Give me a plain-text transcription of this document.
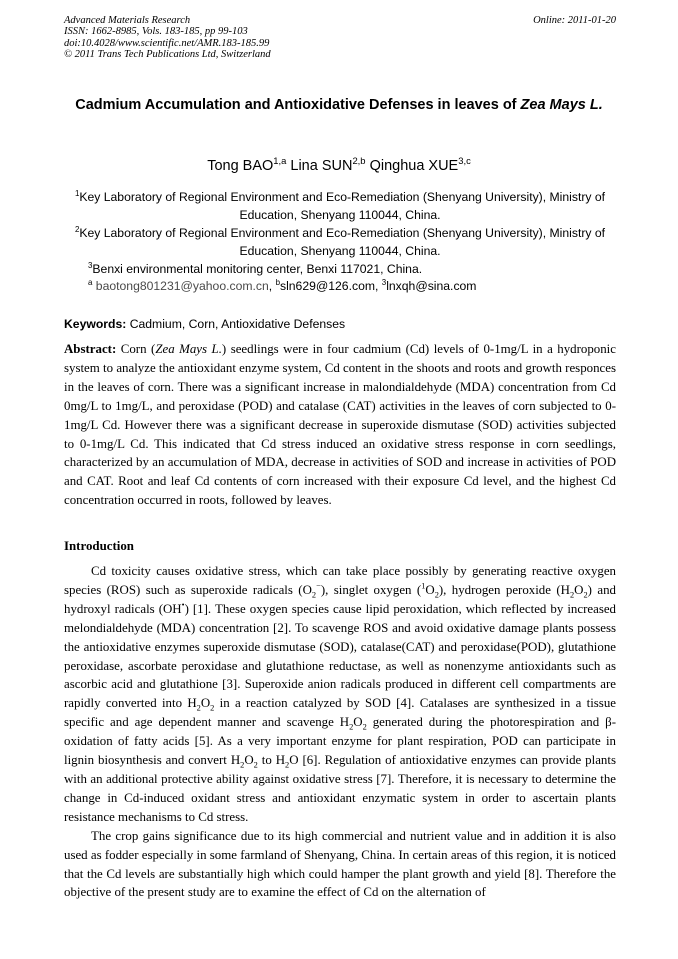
Advanced Materials Research
ISSN: 1662-8985, Vols. 183-185, pp 99-103
doi:10.4028/www.scientific.net/AMR.183-185.99
© 2011 Trans Tech Publications Ltd, Switzerland
Online: 2011-01-20
Cadmium Accumulation and Antioxidative Defenses in leaves of Zea Mays L.
Tong BAO$^{1,a}$ Lina SUN$^{2,b}$ Qinghua XUE$^{3,c}$
$^1$Key Laboratory of Regional Environment and Eco-Remediation (Shenyang University), Ministry of
Education, Shenyang 110044, China.
$^2$Key Laboratory of Regional Environment and Eco-Remediation (Shenyang University), Ministry of
Education, Shenyang 110044, China.
$^3$Benxi environmental monitoring center, Benxi 117021, China.
$^a$ baotong801231@yahoo.com.cn, $^b$sln629@126.com, $^3$lnxqh@sina.com
Keywords: Cadmium, Corn, Antioxidative Defenses
Abstract: Corn (Zea Mays L.) seedlings were in four cadmium (Cd) levels of 0-1mg/L in a hydroponic system to analyze the antioxidant enzyme system, Cd content in the shoots and roots and growth responces in the leaves of corn. There was a significant increase in malondialdehyde (MDA) concentration from Cd 0mg/L to 1mg/L, and peroxidase (POD) and catalase (CAT) activities in the leaves of corn subjected to 0-1mg/L Cd. However there was a significant decrease in superoxide dismutase (SOD) activities subjected to 0-1mg/L Cd. This indicated that Cd stress induced an oxidative stress response in corn seedlings, characterized by an accumulation of MDA, decrease in activities of SOD and increase in activities of POD and CAT. Root and leaf Cd contents of corn increased with their exposure Cd level, and the highest Cd concentration occurred in roots, followed by leaves.
Introduction

Cd toxicity causes oxidative stress, which can take place possibly by generating reactive oxygen species (ROS) such as superoxide radicals $(O_2^-)$, singlet oxygen $(^1O_2)$, hydrogen peroxide $(H_2O_2)$ and hydroxyl radicals (OH•) [1]. These oxygen species cause lipid peroxidation, which reflected by increased melondialdehyde (MDA) concentration [2]. To scavenge ROS and avoid oxidative damage plants possess the antioxidative enzymes superoxide dismutase (SOD), catalase(CAT) and peroxidase(POD), glutathione peroxidase, ascorbate peroxidase and glutathione reductase, as well as nonenzyme antioxidants such as ascorbic acid and glutathione [3]. Superoxide anion radicals produced in different cell compartments are rapidly converted into $H_2O_2$ in a reaction catalyzed by SOD [4]. Catalases are synthesized in a tissue specific and age dependent manner and scavenge $H_2O_2$ generated during the photorespiration and β-oxidation of fatty acids [5]. As a very important enzyme for plant respiration, POD can participate in lignin biosynthesis and convert $H_2O_2$ to $H_2O$ [6]. Regulation of antioxidative enzymes can provide plants with an additional protective ability against oxidative stress [7]. Therefore, it is necessary to determine the change in Cd-induced oxidant stress and antioxidant enzymatic system in order to ascertain plants resistance mechanisms to Cd stress.

The crop gains significance due to its high commercial and nutrient value and in addition it is also used as fodder especially in some farmland of Shenyang, China. In certain areas of this region, it is noticed that the Cd levels are substantially high which could hamper the plant growth and yield [8]. Therefore the objective of the present study are to examine the effect of Cd on the alternation of
